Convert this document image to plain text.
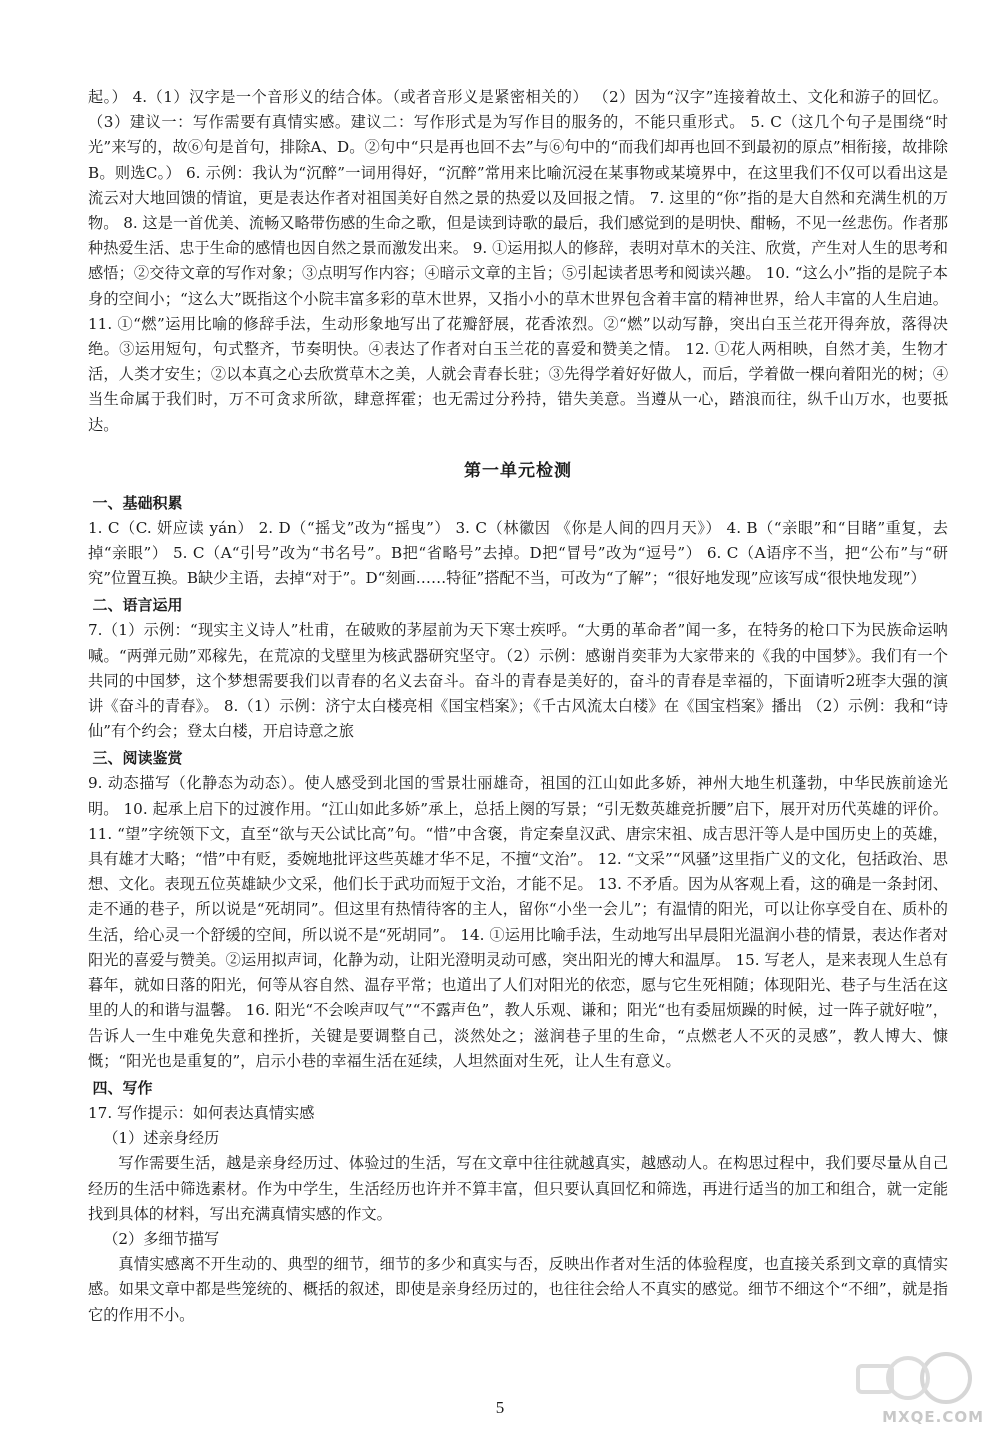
起。） 4.（1）汉字是一个音形义的结合体。（或者音形义是紧密相关的） （2）因为“汉字”连接着故土、文化和游子的回忆。 （3）建议一：写作需要有真情实感。建议二：写作形式是为写作目的服务的，不能只重形式。 5. C（这几个句子是围绕“时光”来写的，故⑥句是首句，排除A、D。②句中“只是再也回不去”与⑥句中的“而我们却再也回不到最初的原点”相衔接，故排除B。则选C。） 6. 示例：我认为“沉醉”一词用得好，“沉醉”常用来比喻沉浸在某事物或某境界中，在这里我们不仅可以看出这是流云对大地回馈的情谊，更是表达作者对祖国美好自然之景的热爱以及回报之情。 7. 这里的“你”指的是大自然和充满生机的万物。 8. 这是一首优美、流畅又略带伤感的生命之歌，但是读到诗歌的最后，我们感觉到的是明快、酣畅，不见一丝悲伤。作者那种热爱生活、忠于生命的感情也因自然之景而激发出来。 9. ①运用拟人的修辞，表明对草木的关注、欣赏，产生对人生的思考和感悟；②交待文章的写作对象；③点明写作内容；④暗示文章的主旨；⑤引起读者思考和阅读兴趣。 10. “这么小”指的是院子本身的空间小；“这么大”既指这个小院丰富多彩的草木世界，又指小小的草木世界包含着丰富的精神世界，给人丰富的人生启迪。 11. ①“燃”运用比喻的修辞手法，生动形象地写出了花瓣舒展，花香浓烈。②“燃”以动写静，突出白玉兰花开得奔放，落得决绝。③运用短句，句式整齐，节奏明快。④表达了作者对白玉兰花的喜爱和赞美之情。 12. ①花人两相映，自然才美，生物才活，人类才安生；②以本真之心去欣赏草木之美，人就会青春长驻；③先得学着好好做人，而后，学着做一棵向着阳光的树；④当生命属于我们时，万不可贪求所欲，肆意挥霍；也无需过分矜持，错失美意。当遵从一心，踏浪而往，纵千山万水，也要抵达。

第一单元检测
一、基础积累

1. C（C. 妍应读 yán） 2. D（“摇戈”改为“摇曳”） 3. C（林徽因 《你是人间的四月天》） 4. B（“亲眼”和“目睹”重复，去掉“亲眼”） 5. C（A“引号”改为“书名号”。B把“省略号”去掉。D把“冒号”改为“逗号”） 6. C（A语序不当，把“公布”与“研究”位置互换。B缺少主语，去掉“对于”。D“刻画……特征”搭配不当，可改为“了解”；“很好地发现”应该写成“很快地发现”）

二、语言运用

7.（1）示例：“现实主义诗人”杜甫，在破败的茅屋前为天下寒士疾呼。“大勇的革命者”闻一多，在特务的枪口下为民族命运呐喊。“两弹元勋”邓稼先，在荒凉的戈壁里为核武器研究坚守。（2）示例：感谢肖奕菲为大家带来的《我的中国梦》。我们有一个共同的中国梦，这个梦想需要我们以青春的名义去奋斗。奋斗的青春是美好的，奋斗的青春是幸福的，下面请听2班李大强的演讲《奋斗的青春》。 8.（1）示例：济宁太白楼亮相《国宝档案》；《千古风流太白楼》在《国宝档案》播出 （2）示例：我和“诗仙”有个约会；登太白楼，开启诗意之旅

三、阅读鉴赏

9. 动态描写（化静态为动态）。使人感受到北国的雪景壮丽雄奇，祖国的江山如此多娇，神州大地生机蓬勃，中华民族前途光明。 10. 起承上启下的过渡作用。“江山如此多娇”承上，总括上阕的写景；“引无数英雄竞折腰”启下，展开对历代英雄的评价。 11. “望”字统领下文，直至“欲与天公试比高”句。“惜”中含褒，肯定秦皇汉武、唐宗宋祖、成吉思汗等人是中国历史上的英雄，具有雄才大略；“惜”中有贬，委婉地批评这些英雄才华不足，不擅“文治”。 12. “文采”“风骚”这里指广义的文化，包括政治、思想、文化。表现五位英雄缺少文采，他们长于武功而短于文治，才能不足。 13. 不矛盾。因为从客观上看，这的确是一条封闭、走不通的巷子，所以说是“死胡同”。但这里有热情待客的主人，留你“小坐一会儿”；有温情的阳光，可以让你享受自在、质朴的生活，给心灵一个舒缓的空间，所以说不是“死胡同”。 14. ①运用比喻手法，生动地写出早晨阳光温润小巷的情景，表达作者对阳光的喜爱与赞美。②运用拟声词，化静为动，让阳光澄明灵动可感，突出阳光的博大和温厚。 15. 写老人，是来表现人生总有暮年，就如日落的阳光，何等从容自然、温存平常；也道出了人们对阳光的依恋，愿与它生死相随；体现阳光、巷子与生活在这里的人的和谐与温馨。 16. 阳光“不会唉声叹气”“不露声色”，教人乐观、谦和；阳光“也有委屈烦躁的时候，过一阵子就好啦”，告诉人一生中难免失意和挫折，关键是要调整自己，淡然处之；滋润巷子里的生命，“点燃老人不灭的灵感”，教人博大、慷慨；“阳光也是重复的”，启示小巷的幸福生活在延续，人坦然面对生死，让人生有意义。

四、写作

17. 写作提示：如何表达真情实感

（1）述亲身经历

写作需要生活，越是亲身经历过、体验过的生活，写在文章中往往就越真实，越感动人。在构思过程中，我们要尽量从自己经历的生活中筛选素材。作为中学生，生活经历也许并不算丰富，但只要认真回忆和筛选，再进行适当的加工和组合，就一定能找到具体的材料，写出充满真情实感的作文。

（2）多细节描写

真情实感离不开生动的、典型的细节，细节的多少和真实与否，反映出作者对生活的体验程度，也直接关系到文章的真情实感。如果文章中都是些笼统的、概括的叙述，即使是亲身经历过的，也往往会给人不真实的感觉。细节不细这个“不细”，就是指它的作用不小。

5	MXQE.COM
